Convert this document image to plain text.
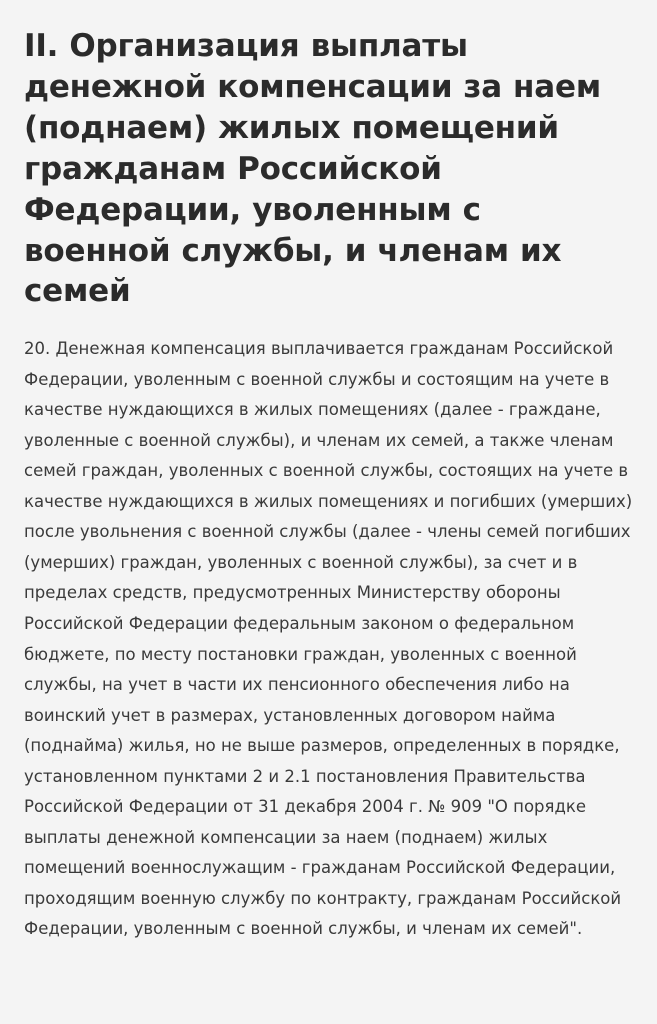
II. Организация выплаты денежной компенсации за наем (поднаем) жилых помещений гражданам Российской Федерации, уволенным с военной службы, и членам их семей

20. Денежная компенсация выплачивается гражданам Российской Федерации, уволенным с военной службы и состоящим на учете в качестве нуждающихся в жилых помещениях (далее - граждане, уволенные с военной службы), и членам их семей, а также членам семей граждан, уволенных с военной службы, состоящих на учете в качестве нуждающихся в жилых помещениях и погибших (умерших) после увольнения с военной службы (далее - члены семей погибших (умерших) граждан, уволенных с военной службы), за счет и в пределах средств, предусмотренных Министерству обороны Российской Федерации федеральным законом о федеральном бюджете, по месту постановки граждан, уволенных с военной службы, на учет в части их пенсионного обеспечения либо на воинский учет в размерах, установленных договором найма (поднайма) жилья, но не выше размеров, определенных в порядке, установленном пунктами 2 и 2.1 постановления Правительства Российской Федерации от 31 декабря 2004 г. № 909 "О порядке выплаты денежной компенсации за наем (поднаем) жилых помещений военнослужащим - гражданам Российской Федерации, проходящим военную службу по контракту, гражданам Российской Федерации, уволенным с военной службы, и членам их семей".
